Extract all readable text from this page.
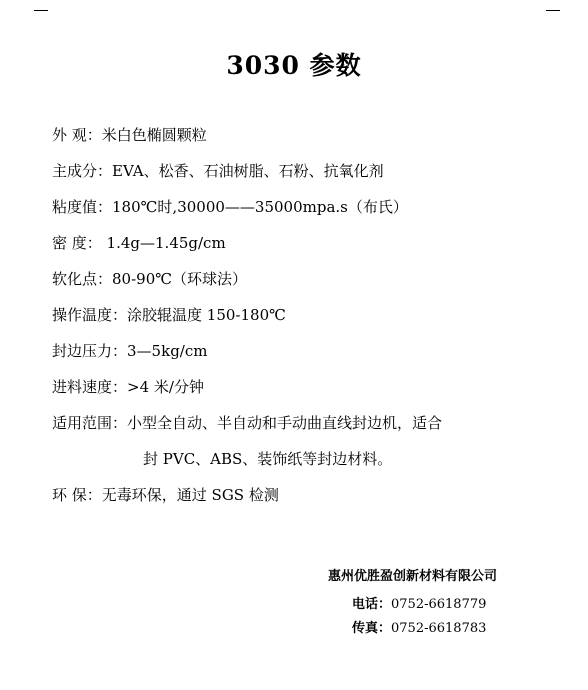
3030 参数
外 观：米白色椭圆颗粒
主成分：EVA、松香、石油树脂、石粉、抗氧化剂
粘度值：180℃时,30000——35000mpa.s（布氏）
密 度： 1.4g—1.45g/cm
软化点：80-90℃（环球法）
操作温度：涂胶辊温度 150-180℃
封边压力：3—5kg/cm
进料速度：>4 米/分钟
适用范围：小型全自动、半自动和手动曲直线封边机，适合
封 PVC、ABS、装饰纸等封边材料。
环 保：无毒环保，通过 SGS 检测
惠州优胜盈创新材料有限公司
电话：0752-6618779
传真：0752-6618783
